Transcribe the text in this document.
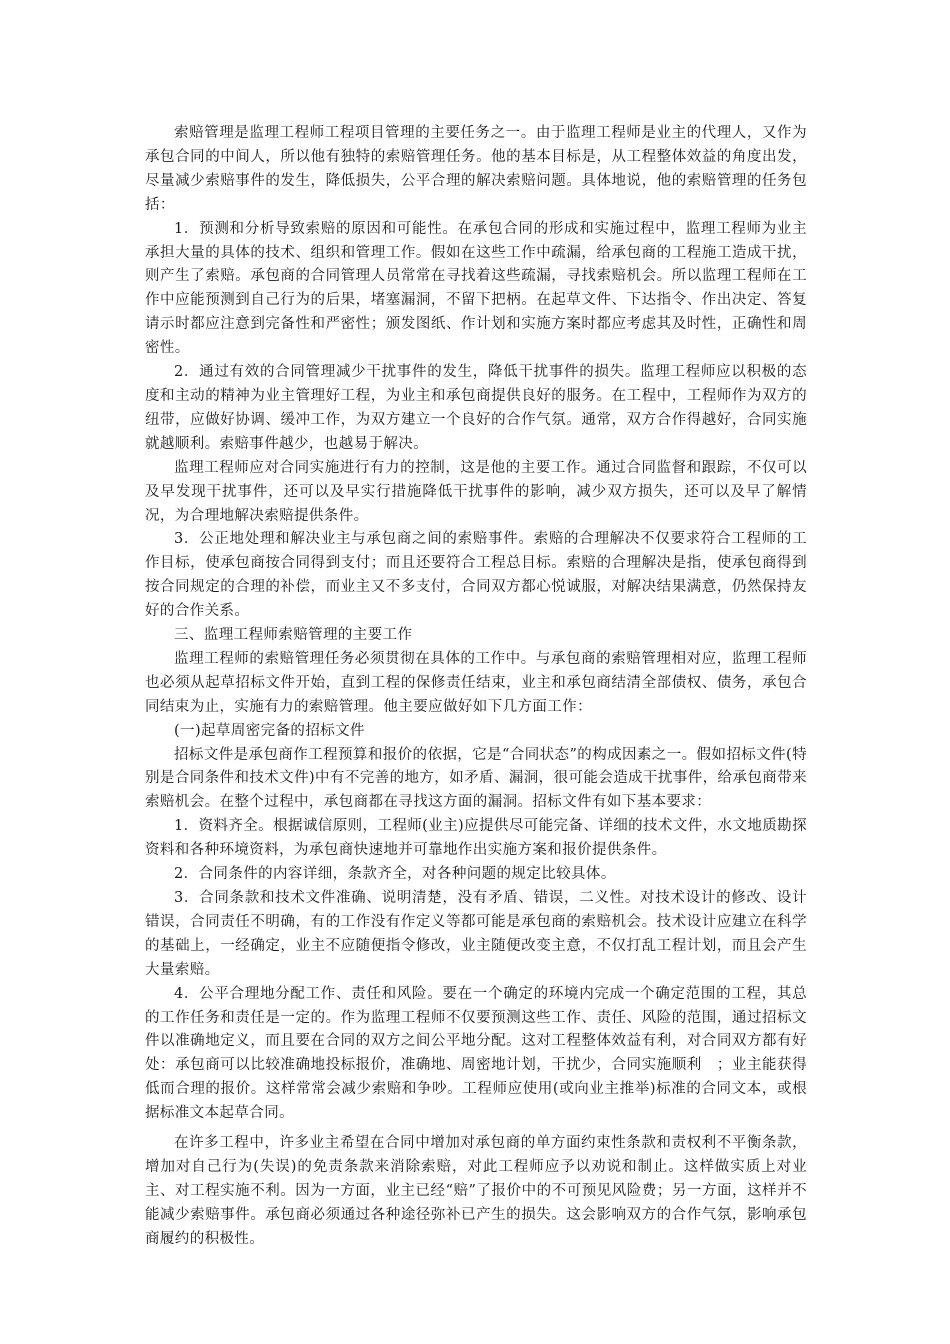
索赔管理是监理工程师工程项目管理的主要任务之一。由于监理工程师是业主的代理人，又作为承包合同的中间人，所以他有独特的索赔管理任务。他的基本目标是，从工程整体效益的角度出发，尽量减少索赔事件的发生，降低损失，公平合理的解决索赔问题。具体地说，他的索赔管理的任务包括：

1．预测和分析导致索赔的原因和可能性。在承包合同的形成和实施过程中，监理工程师为业主承担大量的具体的技术、组织和管理工作。假如在这些工作中疏漏，给承包商的工程施工造成干扰，则产生了索赔。承包商的合同管理人员常常在寻找着这些疏漏，寻找索赔机会。所以监理工程师在工作中应能预测到自己行为的后果，堵塞漏洞，不留下把柄。在起草文件、下达指令、作出决定、答复请示时都应注意到完备性和严密性；颁发图纸、作计划和实施方案时都应考虑其及时性，正确性和周密性。

2．通过有效的合同管理减少干扰事件的发生，降低干扰事件的损失。监理工程师应以积极的态度和主动的精神为业主管理好工程，为业主和承包商提供良好的服务。在工程中，工程师作为双方的纽带，应做好协调、缓冲工作，为双方建立一个良好的合作气氛。通常，双方合作得越好，合同实施就越顺利。索赔事件越少，也越易于解决。

监理工程师应对合同实施进行有力的控制，这是他的主要工作。通过合同监督和跟踪，不仅可以及早发现干扰事件，还可以及早实行措施降低干扰事件的影响，减少双方损失，还可以及早了解情况，为合理地解决索赔提供条件。

3．公正地处理和解决业主与承包商之间的索赔事件。索赔的合理解决不仅要求符合工程师的工作目标，使承包商按合同得到支付；而且还要符合工程总目标。索赔的合理解决是指，使承包商得到按合同规定的合理的补偿，而业主又不多支付，合同双方都心悦诚服，对解决结果满意，仍然保持友好的合作关系。

三、监理工程师索赔管理的主要工作

监理工程师的索赔管理任务必须贯彻在具体的工作中。与承包商的索赔管理相对应，监理工程师也必须从起草招标文件开始，直到工程的保修责任结束，业主和承包商结清全部债权、债务，承包合同结束为止，实施有力的索赔管理。他主要应做好如下几方面工作：

(一)起草周密完备的招标文件

招标文件是承包商作工程预算和报价的依据，它是“合同状态”的构成因素之一。假如招标文件(特别是合同条件和技术文件)中有不完善的地方，如矛盾、漏洞，很可能会造成干扰事件，给承包商带来索赔机会。在整个过程中，承包商都在寻找这方面的漏洞。招标文件有如下基本要求：

1．资料齐全。根据诚信原则，工程师(业主)应提供尽可能完备、详细的技术文件，水文地质勘探资料和各种环境资料，为承包商快速地并可靠地作出实施方案和报价提供条件。

2．合同条件的内容详细，条款齐全，对各种问题的规定比较具体。

3．合同条款和技术文件准确、说明清楚，没有矛盾、错误，二义性。对技术设计的修改、设计错误，合同责任不明确，有的工作没有作定义等都可能是承包商的索赔机会。技术设计应建立在科学的基础上，一经确定，业主不应随便指令修改，业主随便改变主意，不仅打乱工程计划，而且会产生大量索赔。

4．公平合理地分配工作、责任和风险。要在一个确定的环境内完成一个确定范围的工程，其总的工作任务和责任是一定的。作为监理工程师不仅要预测这些工作、责任、风险的范围，通过招标文件以准确地定义，而且要在合同的双方之间公平地分配。这对工程整体效益有利，对合同双方都有好处：承包商可以比较准确地投标报价，准确地、周密地计划，干扰少，合同实施顺利　；业主能获得低而合理的报价。这样常常会减少索赔和争吵。工程师应使用(或向业主推举)标准的合同文本，或根据标准文本起草合同。

在许多工程中，许多业主希望在合同中增加对承包商的单方面约束性条款和责权利不平衡条款，增加对自己行为(失误)的免责条款来消除索赔，对此工程师应予以劝说和制止。这样做实质上对业主、对工程实施不利。因为一方面，业主已经“赔”了报价中的不可预见风险费；另一方面，这样并不能减少索赔事件。承包商必须通过各种途径弥补已产生的损失。这会影响双方的合作气氛，影响承包商履约的积极性。
